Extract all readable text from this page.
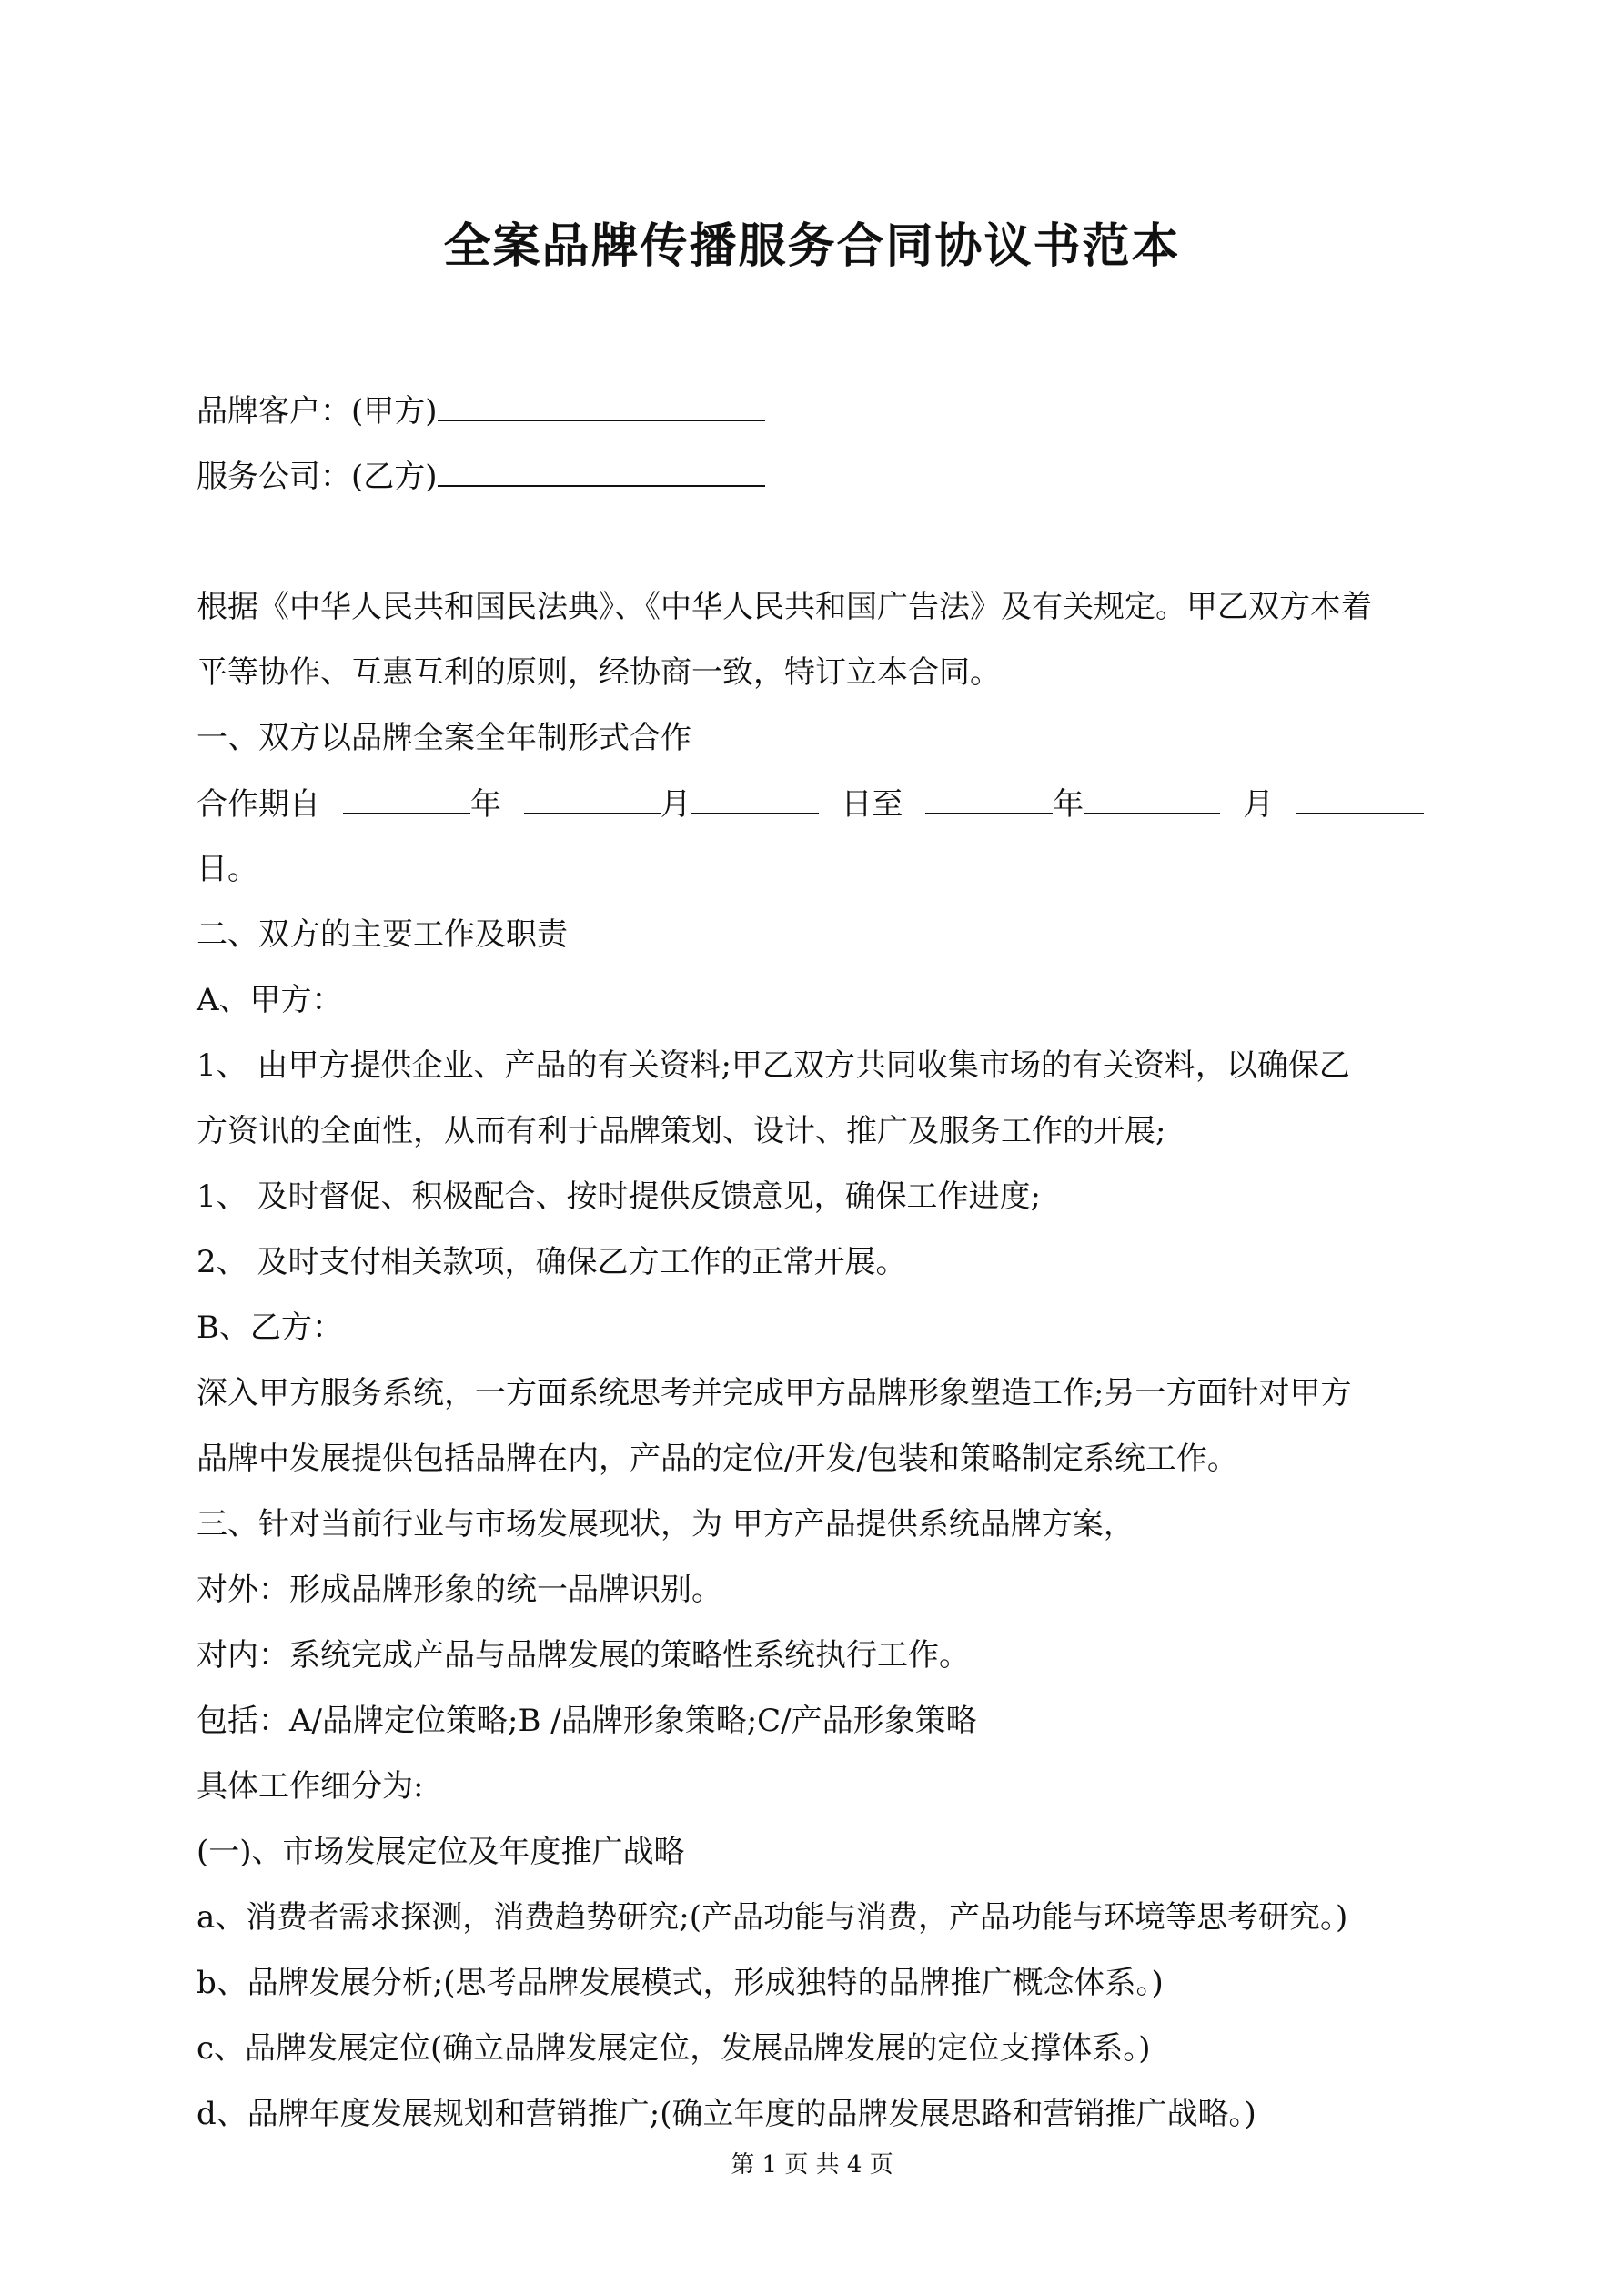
全案品牌传播服务合同协议书范本
品牌客户：(甲方)
服务公司：(乙方)
根据《中华人民共和国民法典》、《中华人民共和国广告法》及有关规定。甲乙双方本着
平等协作、互惠互利的原则，经协商一致，特订立本合同。
一、双方以品牌全案全年制形式合作
合作期自	年	月	日至	年	月
日。
二、双方的主要工作及职责
A、甲方：
1、 由甲方提供企业、产品的有关资料;甲乙双方共同收集市场的有关资料，以确保乙
方资讯的全面性，从而有利于品牌策划、设计、推广及服务工作的开展;
1、 及时督促、积极配合、按时提供反馈意见，确保工作进度;
2、 及时支付相关款项，确保乙方工作的正常开展。
B、乙方：
深入甲方服务系统，一方面系统思考并完成甲方品牌形象塑造工作;另一方面针对甲方
品牌中发展提供包括品牌在内，产品的定位/开发/包装和策略制定系统工作。
三、针对当前行业与市场发展现状，为 甲方产品提供系统品牌方案，
对外：形成品牌形象的统一品牌识别。
对内：系统完成产品与品牌发展的策略性系统执行工作。
包括：A/品牌定位策略;B /品牌形象策略;C/产品形象策略
具体工作细分为:
(一)、市场发展定位及年度推广战略
a、消费者需求探测，消费趋势研究;(产品功能与消费，产品功能与环境等思考研究。)
b、品牌发展分析;(思考品牌发展模式，形成独特的品牌推广概念体系。)
c、品牌发展定位(确立品牌发展定位，发展品牌发展的定位支撑体系。)
d、品牌年度发展规划和营销推广;(确立年度的品牌发展思路和营销推广战略。)
第 1 页 共 4 页
